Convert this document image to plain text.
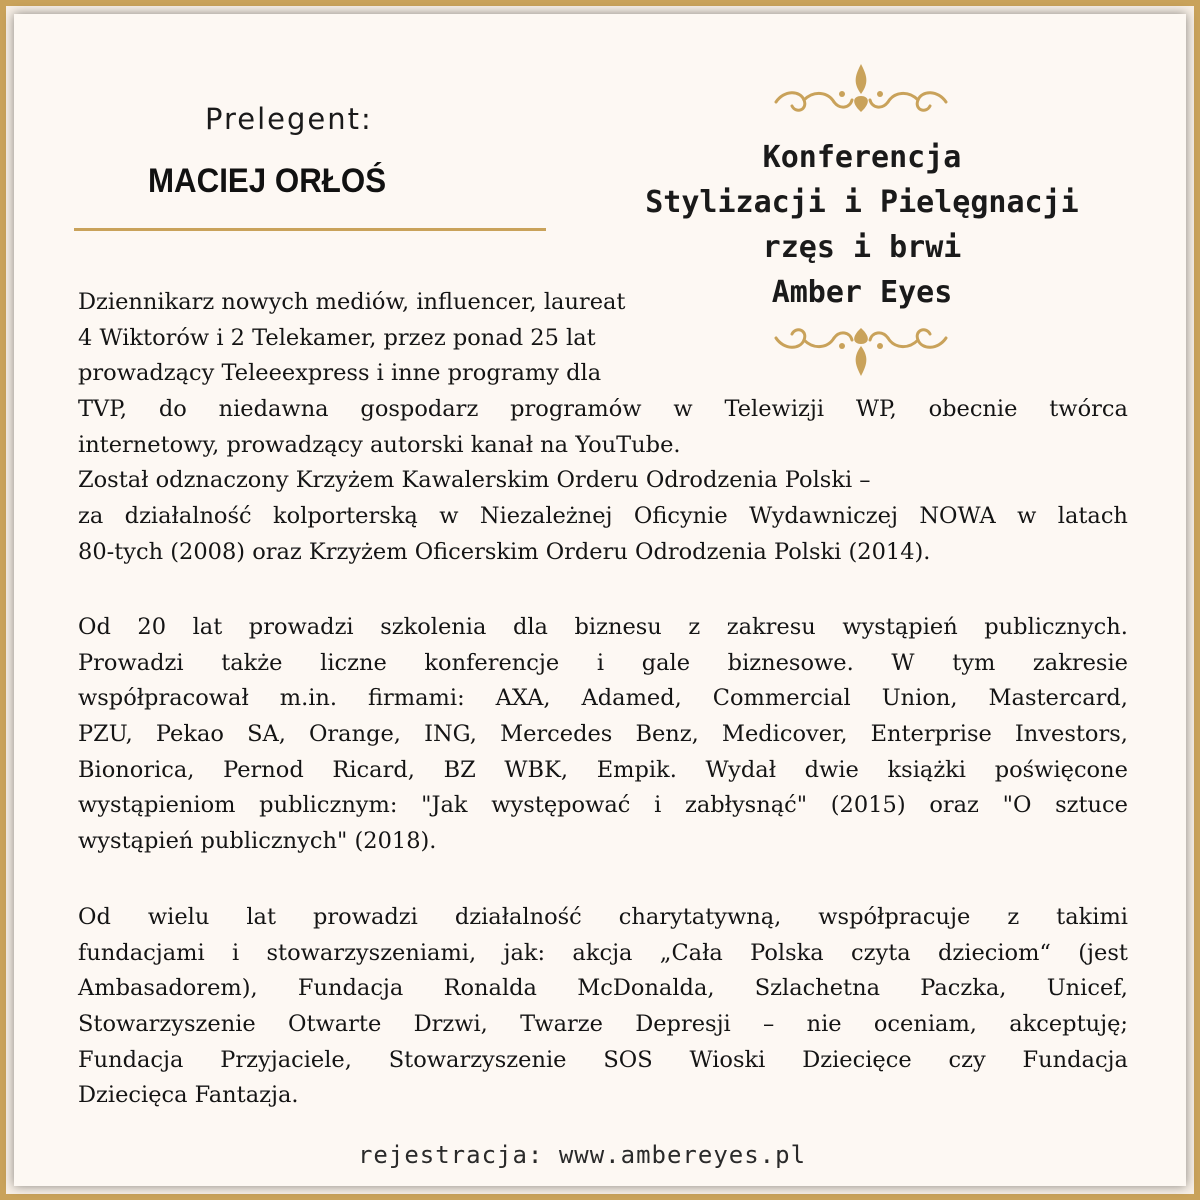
Prelegent:
MACIEJ ORŁOŚ
Konferencja
Stylizacji i Pielęgnacji
rzęs i brwi
Amber Eyes
Dziennikarz nowych mediów, influencer, laureat
4 Wiktorów i 2 Telekamer, przez ponad 25 lat
prowadzący Teleeexpress i inne programy dla
TVP, do niedawna gospodarz programów w Telewizji WP, obecnie twórca
internetowy, prowadzący autorski kanał na YouTube.
Został odznaczony Krzyżem Kawalerskim Orderu Odrodzenia Polski –
za działalność kolporterską w Niezależnej Oficynie Wydawniczej NOWA w latach
80-tych (2008) oraz Krzyżem Oficerskim Orderu Odrodzenia Polski (2014).
Od 20 lat prowadzi szkolenia dla biznesu z zakresu wystąpień publicznych.
Prowadzi także liczne konferencje i gale biznesowe. W tym zakresie
współpracował m.in. firmami: AXA, Adamed, Commercial Union, Mastercard,
PZU, Pekao SA, Orange, ING, Mercedes Benz, Medicover, Enterprise Investors,
Bionorica, Pernod Ricard, BZ WBK, Empik. Wydał dwie książki poświęcone
wystąpieniom publicznym: "Jak występować i zabłysnąć" (2015) oraz "O sztuce
wystąpień publicznych" (2018).
Od wielu lat prowadzi działalność charytatywną, współpracuje z takimi
fundacjami i stowarzyszeniami, jak: akcja „Cała Polska czyta dzieciom“ (jest
Ambasadorem), Fundacja Ronalda McDonalda, Szlachetna Paczka, Unicef,
Stowarzyszenie Otwarte Drzwi, Twarze Depresji – nie oceniam, akceptuję;
Fundacja Przyjaciele, Stowarzyszenie SOS Wioski Dziecięce czy Fundacja
Dziecięca Fantazja.
rejestracja: www.ambereyes.pl
